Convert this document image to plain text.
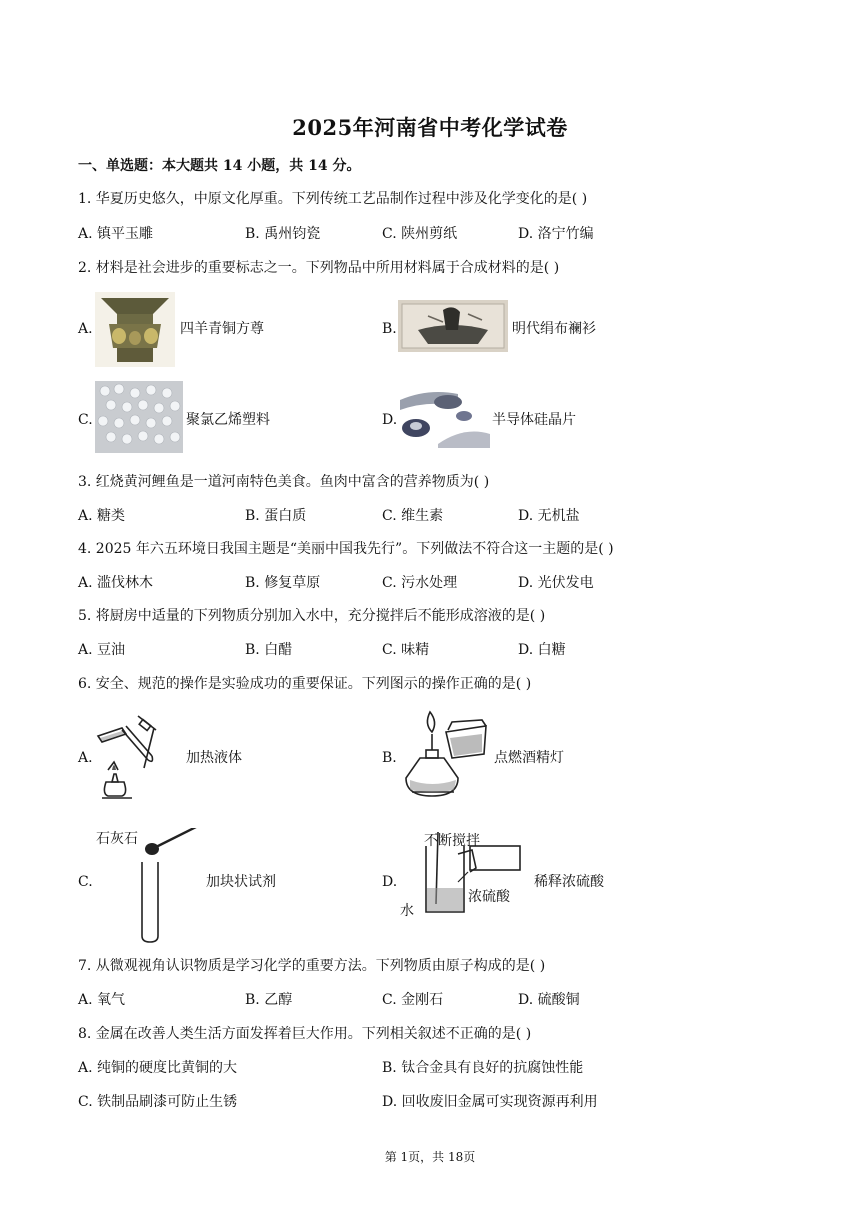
2025年河南省中考化学试卷
一、单选题：本大题共 14 小题，共 14 分。
1. 华夏历史悠久，中原文化厚重。下列传统工艺品制作过程中涉及化学变化的是( )
A. 镇平玉雕	B. 禹州钧瓷	C. 陕州剪纸	D. 洛宁竹编
2. 材料是社会进步的重要标志之一。下列物品中所用材料属于合成材料的是( )
A.	四羊青铜方尊	B.	明代绢布襕衫
C.	聚氯乙烯塑料	D.	半导体硅晶片
3. 红烧黄河鲤鱼是一道河南特色美食。鱼肉中富含的营养物质为( )
A. 糖类	B. 蛋白质	C. 维生素	D. 无机盐
4. 2025 年六五环境日我国主题是“美丽中国我先行”。下列做法不符合这一主题的是( )
A. 滥伐林木	B. 修复草原	C. 污水处理	D. 光伏发电
5. 将厨房中适量的下列物质分别加入水中，充分搅拌后不能形成溶液的是( )
A. 豆油	B. 白醋	C. 味精	D. 白糖
6. 安全、规范的操作是实验成功的重要保证。下列图示的操作正确的是( )
A.	加热液体	B.	点燃酒精灯
C.
石灰石
加块状试剂	D.
不断搅拌
浓硫酸
水
稀释浓硫酸
7. 从微观视角认识物质是学习化学的重要方法。下列物质由原子构成的是( )
A. 氧气	B. 乙醇	C. 金刚石	D. 硫酸铜
8. 金属在改善人类生活方面发挥着巨大作用。下列相关叙述不正确的是( )
A. 纯铜的硬度比黄铜的大	B. 钛合金具有良好的抗腐蚀性能
C. 铁制品刷漆可防止生锈	D. 回收废旧金属可实现资源再利用
第 1页，共 18页
